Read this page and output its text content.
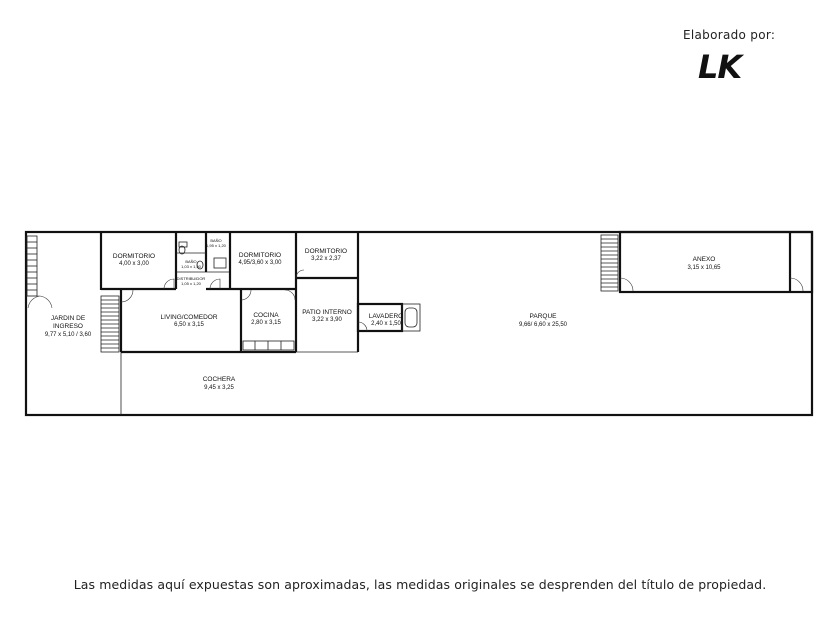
Elaborado por:
LK
JARDIN DE
INGRESO
9,77 x 5,10 / 3,60
DORMITORIO
4,00 x 3,00
BAÑO
1,95 x 1,20
BAÑO
1,03 x 1,50
DISTRIBUIDOR
1,05 x 1,20
DORMITORIO
4,95/3,60 x 3,00
DORMITORIO
3,22 x 2,37
LIVING/COMEDOR
6,50 x 3,15
COCINA
2,80 x 3,15
PATIO INTERNO
3,22 x 3,90	LAVADERO
2,40 x 1,50
PARQUE
9,66/ 6,60 x 25,50
ANEXO
3,15 x 10,65
COCHERA
9,45 x 3,25
Las medidas aquí expuestas son aproximadas, las medidas originales se desprenden del título de propiedad.
